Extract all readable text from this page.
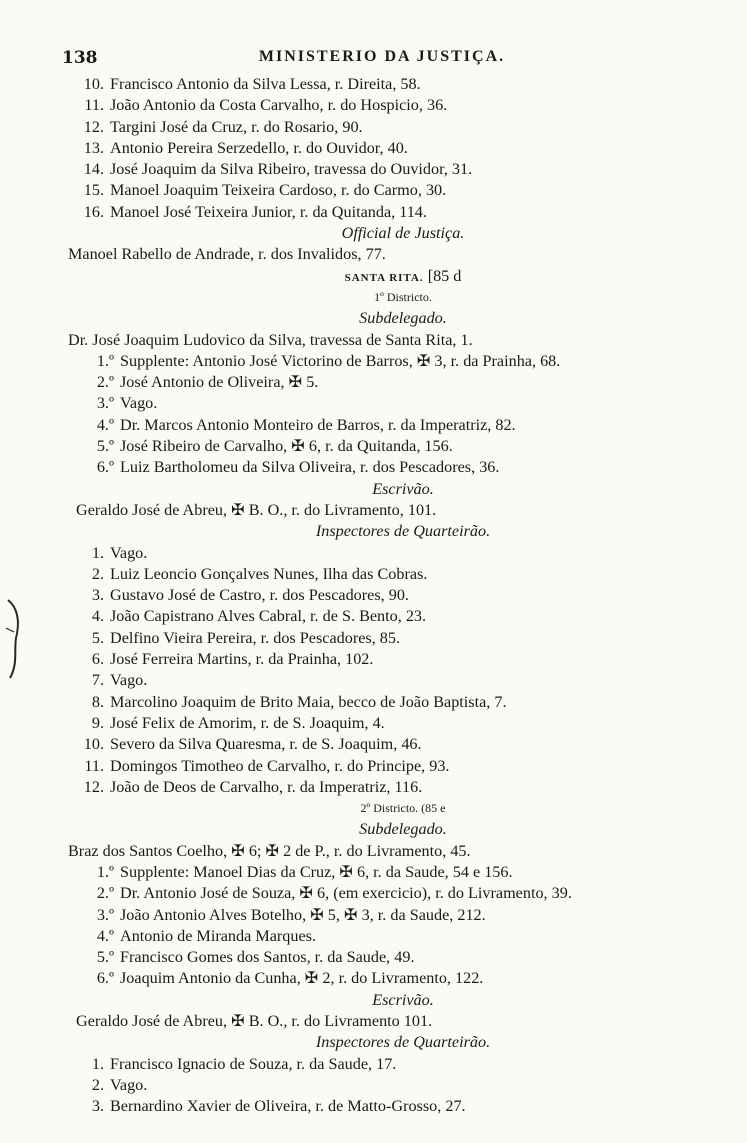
138	MINISTERIO DA JUSTIÇA.
10. Francisco Antonio da Silva Lessa, r. Direita, 58.
11. João Antonio da Costa Carvalho, r. do Hospicio, 36.
12. Targini José da Cruz, r. do Rosario, 90.
13. Antonio Pereira Serzedello, r. do Ouvidor, 40.
14. José Joaquim da Silva Ribeiro, travessa do Ouvidor, 31.
15. Manoel Joaquim Teixeira Cardoso, r. do Carmo, 30.
16. Manoel José Teixeira Junior, r. da Quitanda, 114.
Official de Justiça.
Manoel Rabello de Andrade, r. dos Invalidos, 77.
SANTA RITA. [85 d
1º Districto.
Subdelegado.
Dr. José Joaquim Ludovico da Silva, travessa de Santa Rita, 1.
1.º Supplente: Antonio José Victorino de Barros, ✠ 3, r. da Prainha, 68.
2.º José Antonio de Oliveira, ✠ 5.
3.º Vago.
4.º Dr. Marcos Antonio Monteiro de Barros, r. da Imperatriz, 82.
5.º José Ribeiro de Carvalho, ✠ 6, r. da Quitanda, 156.
6.º Luiz Bartholomeu da Silva Oliveira, r. dos Pescadores, 36.
Escrivão.
Geraldo José de Abreu, ✠ B. O., r. do Livramento, 101.
Inspectores de Quarteirão.
1. Vago.
2. Luiz Leoncio Gonçalves Nunes, Ilha das Cobras.
3. Gustavo José de Castro, r. dos Pescadores, 90.
4. João Capistrano Alves Cabral, r. de S. Bento, 23.
5. Delfino Vieira Pereira, r. dos Pescadores, 85.
6. José Ferreira Martins, r. da Prainha, 102.
7. Vago.
8. Marcolino Joaquim de Brito Maia, becco de João Baptista, 7.
9. José Felix de Amorim, r. de S. Joaquim, 4.
10. Severo da Silva Quaresma, r. de S. Joaquim, 46.
11. Domingos Timotheo de Carvalho, r. do Principe, 93.
12. João de Deos de Carvalho, r. da Imperatriz, 116.
2º Districto. (85 e
Subdelegado.
Braz dos Santos Coelho, ✠ 6; ✠ 2 de P., r. do Livramento, 45.
1.º Supplente: Manoel Dias da Cruz, ✠ 6, r. da Saude, 54 e 156.
2.º Dr. Antonio José de Souza, ✠ 6, (em exercicio), r. do Livramento, 39.
3.º João Antonio Alves Botelho, ✠ 5, ✠ 3, r. da Saude, 212.
4.º Antonio de Miranda Marques.
5.º Francisco Gomes dos Santos, r. da Saude, 49.
6.º Joaquim Antonio da Cunha, ✠ 2, r. do Livramento, 122.
Escrivão.
Geraldo José de Abreu, ✠ B. O., r. do Livramento 101.
Inspectores de Quarteirão.
1. Francisco Ignacio de Souza, r. da Saude, 17.
2. Vago.
3. Bernardino Xavier de Oliveira, r. de Matto-Grosso, 27.
